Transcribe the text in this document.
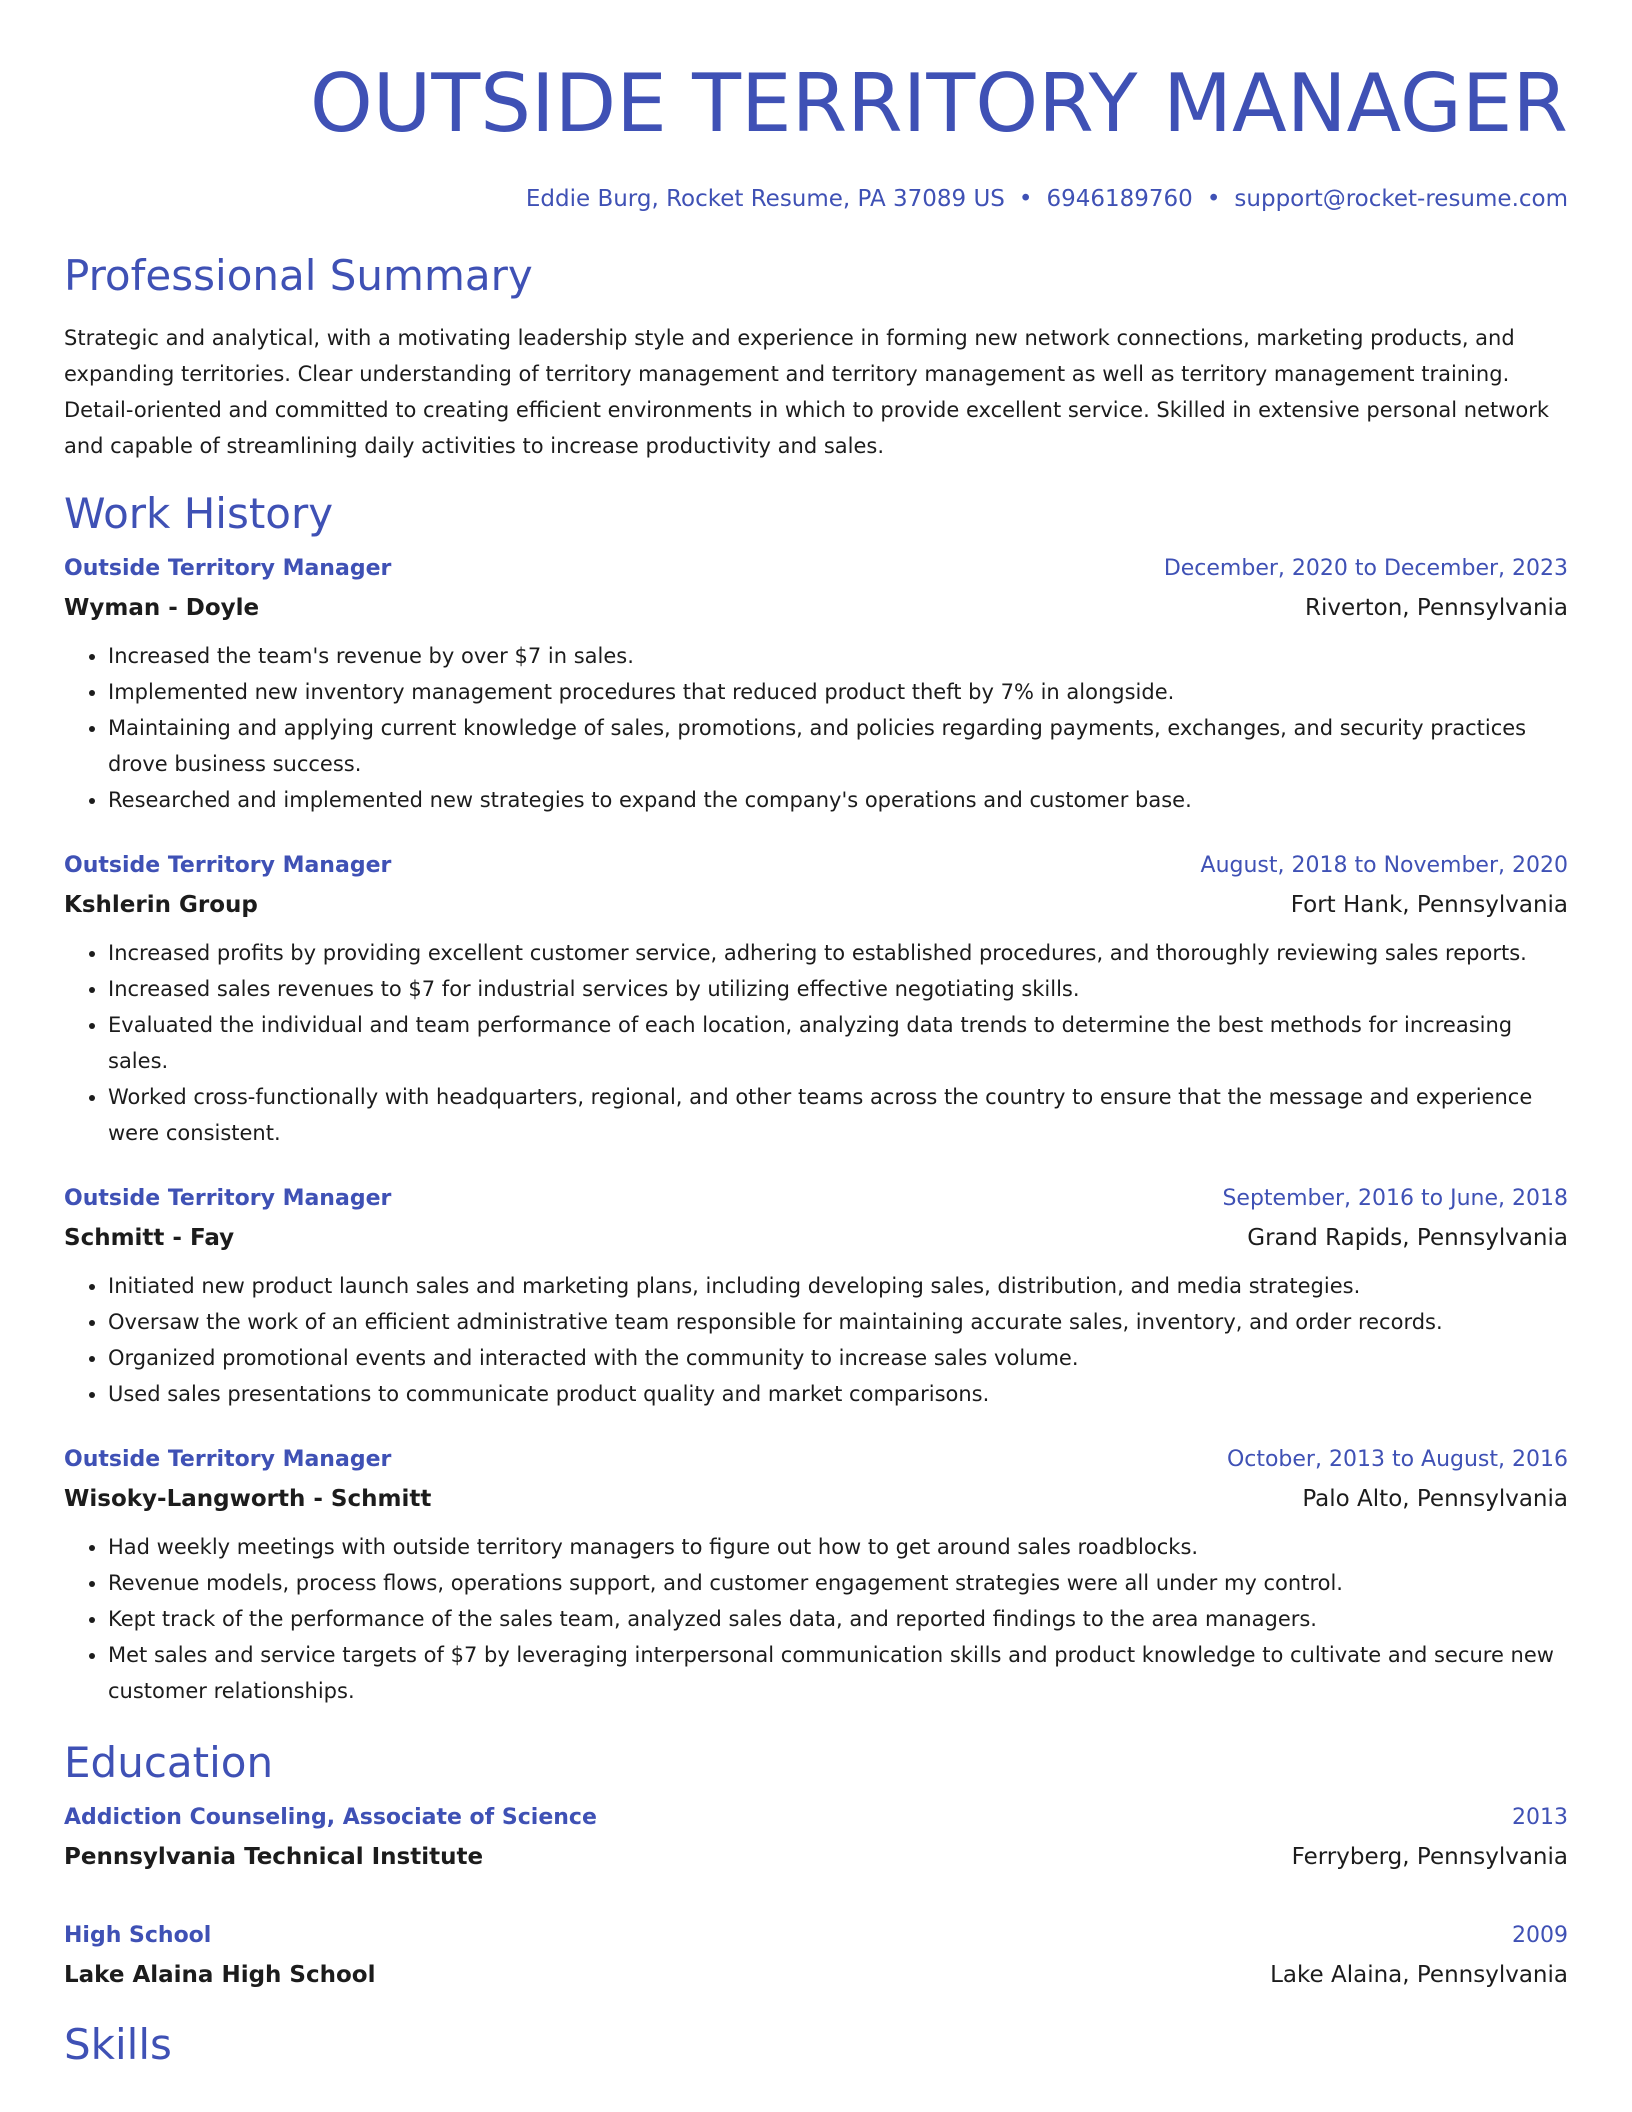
OUTSIDE TERRITORY MANAGER
Eddie Burg, Rocket Resume, PA 37089 US • 6946189760 • support@rocket-resume.com
Professional Summary
Strategic and analytical, with a motivating leadership style and experience in forming new network connections, marketing products, and expanding territories. Clear understanding of territory management and territory management as well as territory management training. Detail-oriented and committed to creating efficient environments in which to provide excellent service. Skilled in extensive personal network and capable of streamlining daily activities to increase productivity and sales.
Work History
Outside Territory Manager	December, 2020 to December, 2023
Wyman - Doyle	Riverton, Pennsylvania
• Increased the team's revenue by over $7 in sales.
• Implemented new inventory management procedures that reduced product theft by 7% in alongside.
• Maintaining and applying current knowledge of sales, promotions, and policies regarding payments, exchanges, and security practices drove business success.
• Researched and implemented new strategies to expand the company's operations and customer base.
Outside Territory Manager	August, 2018 to November, 2020
Kshlerin Group	Fort Hank, Pennsylvania
• Increased profits by providing excellent customer service, adhering to established procedures, and thoroughly reviewing sales reports.
• Increased sales revenues to $7 for industrial services by utilizing effective negotiating skills.
• Evaluated the individual and team performance of each location, analyzing data trends to determine the best methods for increasing sales.
• Worked cross-functionally with headquarters, regional, and other teams across the country to ensure that the message and experience were consistent.
Outside Territory Manager	September, 2016 to June, 2018
Schmitt - Fay	Grand Rapids, Pennsylvania
• Initiated new product launch sales and marketing plans, including developing sales, distribution, and media strategies.
• Oversaw the work of an efficient administrative team responsible for maintaining accurate sales, inventory, and order records.
• Organized promotional events and interacted with the community to increase sales volume.
• Used sales presentations to communicate product quality and market comparisons.
Outside Territory Manager	October, 2013 to August, 2016
Wisoky-Langworth - Schmitt	Palo Alto, Pennsylvania
• Had weekly meetings with outside territory managers to figure out how to get around sales roadblocks.
• Revenue models, process flows, operations support, and customer engagement strategies were all under my control.
• Kept track of the performance of the sales team, analyzed sales data, and reported findings to the area managers.
• Met sales and service targets of $7 by leveraging interpersonal communication skills and product knowledge to cultivate and secure new customer relationships.
Education
Addiction Counseling, Associate of Science	2013
Pennsylvania Technical Institute	Ferryberg, Pennsylvania
High School	2009
Lake Alaina High School	Lake Alaina, Pennsylvania
Skills
